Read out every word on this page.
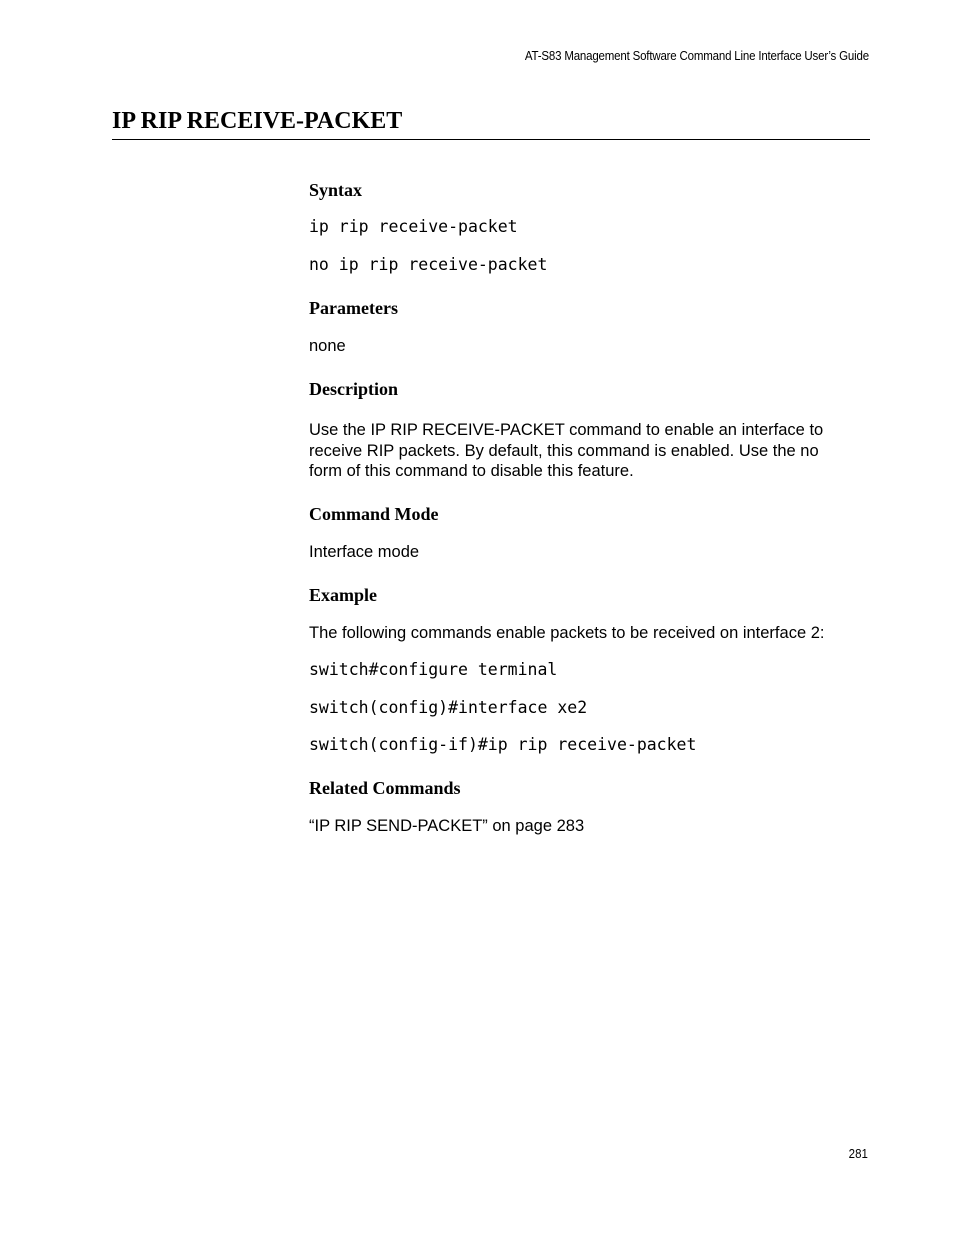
AT-S83 Management Software Command Line Interface User’s Guide
IP RIP RECEIVE-PACKET
Syntax
ip rip receive-packet
no ip rip receive-packet
Parameters

none

Description

Use the IP RIP RECEIVE-PACKET command to enable an interface to receive RIP packets. By default, this command is enabled. Use the no form of this command to disable this feature.

Command Mode

Interface mode

Example

The following commands enable packets to be received on interface 2:

switch#configure terminal
switch(config)#interface xe2
switch(config-if)#ip rip receive-packet
Related Commands

“IP RIP SEND-PACKET” on page 283

281
